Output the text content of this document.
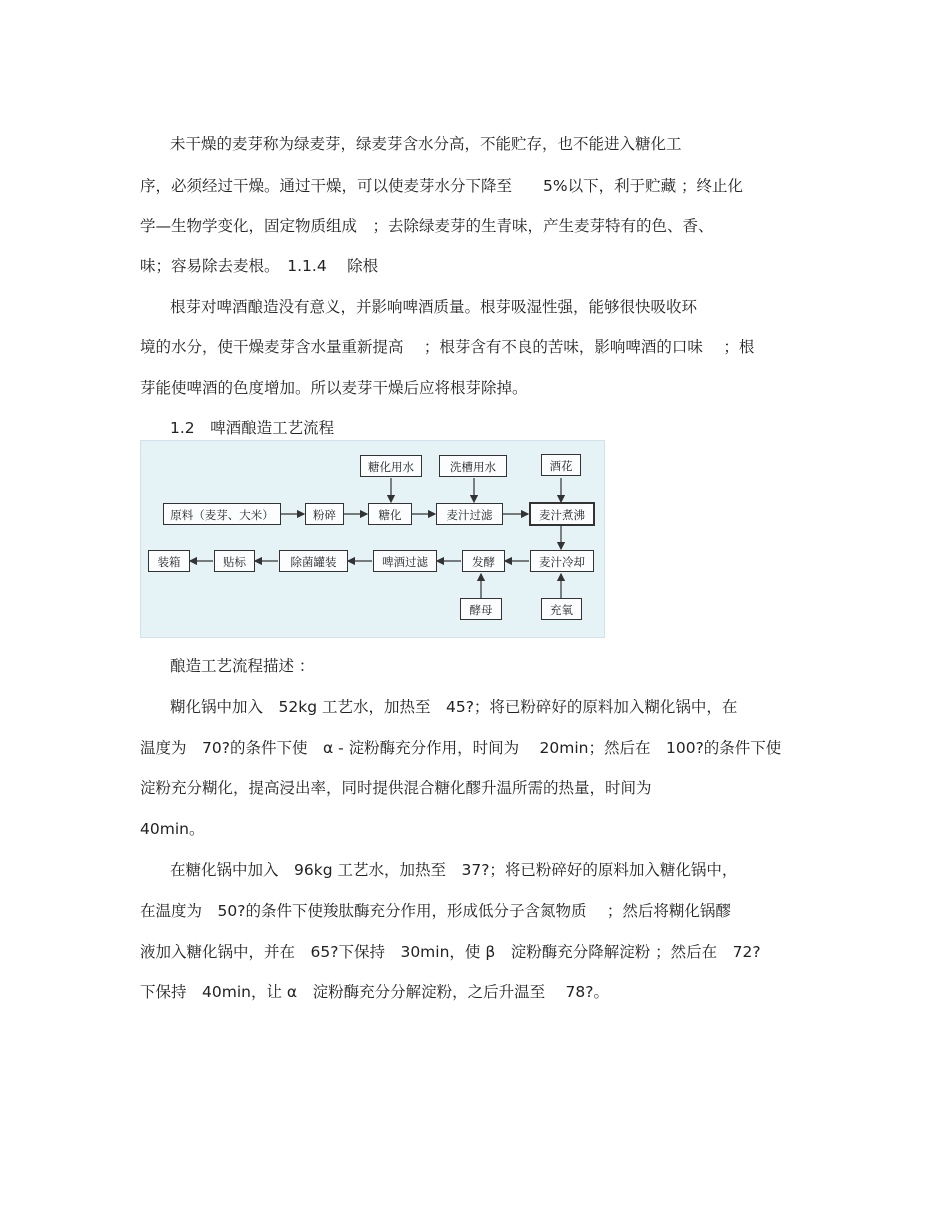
未干燥的麦芽称为绿麦芽，绿麦芽含水分高，不能贮存，也不能进入糖化工
序，必须经过干燥。通过干燥，可以使麦芽水分下降至　　5%以下，利于贮藏 ；终止化
学—生物学变化，固定物质组成　；去除绿麦芽的生青味，产生麦芽特有的色、香、
味；容易除去麦根。　1.1.4　 除根
根芽对啤酒酿造没有意义，并影响啤酒质量。根芽吸湿性强，能够很快吸收环
境的水分，使干燥麦芽含水量重新提高　 ；根芽含有不良的苦味，影响啤酒的口味　 ；根
芽能使啤酒的色度增加。所以麦芽干燥后应将根芽除掉。
1.2　啤酒酿造工艺流程
原料（麦芽、大米）	粉碎	糖化	麦汁过滤	麦汁煮沸
糖化用水	洗槽用水	酒花
麦汁冷却
发酵
啤酒过滤
除菌罐装
贴标
装箱
酵母	充氧
酿造工艺流程描述 ：
糊化锅中加入　52kg 工艺水，加热至　45?；将已粉碎好的原料加入糊化锅中，在
温度为　70?的条件下使　α - 淀粉酶充分作用，时间为　 20min；然后在　100?的条件下使
淀粉充分糊化，提高浸出率，同时提供混合糖化醪升温所需的热量，时间为
40min。
在糖化锅中加入　96kg 工艺水，加热至　37?；将已粉碎好的原料加入糖化锅中，
在温度为　50?的条件下使羧肽酶充分作用，形成低分子含氮物质　 ；然后将糊化锅醪
液加入糖化锅中，并在　65?下保持　30min，使 β　淀粉酶充分降解淀粉 ；然后在　72?
下保持　40min，让 α　淀粉酶充分分解淀粉，之后升温至　 78?。
